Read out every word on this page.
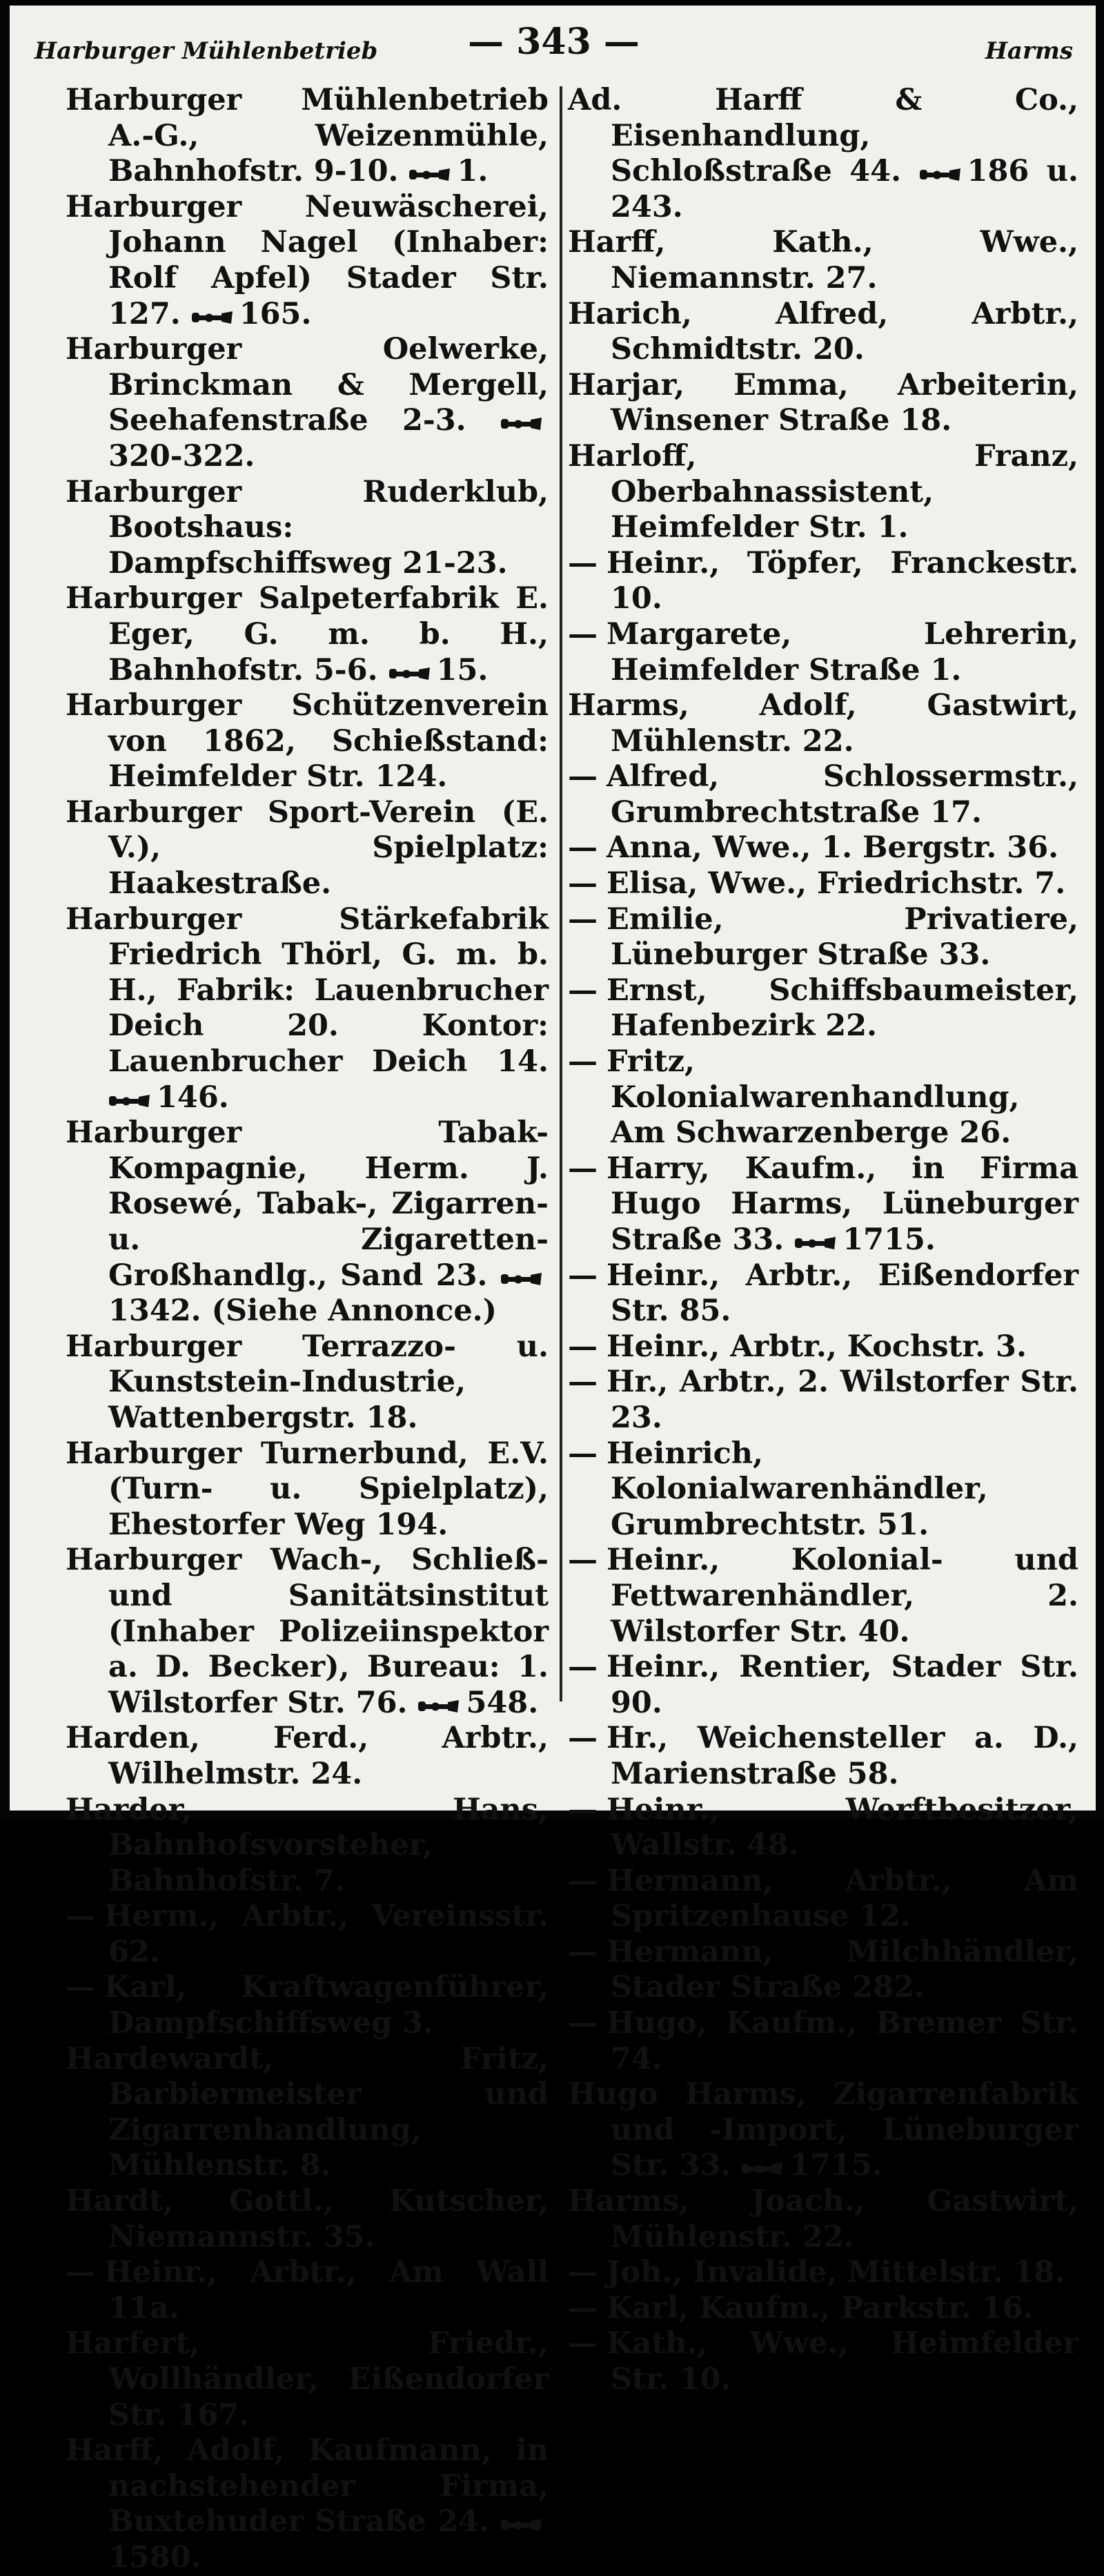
Harburger Mühlenbetrieb	— 343 —	Harms

Harburger Mühlenbetrieb A.-G., Weizenmühle, Bahnhofstr. 9-10. 1.

Harburger Neuwäscherei, Johann Nagel (Inhaber: Rolf Apfel) Stader Str. 127. 165.

Harburger Oelwerke, Brinckman & Mergell, Seehafenstraße 2-3.
320-322.

Harburger Ruderklub, Bootshaus: Dampfschiffsweg 21-23.

Harburger Salpeterfabrik E. Eger, G. m. b. H., Bahnhofstr. 5-6. 15.

Harburger Schützenverein von 1862, Schießstand: Heimfelder Str. 124.

Harburger Sport-Verein (E. V.), Spielplatz: Haakestraße.

Harburger Stärkefabrik Friedrich Thörl, G. m. b. H., Fabrik: Lauenbrucher Deich 20. Kontor: Lauenbrucher Deich 14.
146.

Harburger Tabak-Kompagnie, Herm. J. Rosewé, Tabak-, Zigarren- u. Zigaretten-Großhandlg., Sand 23.
1342. (Siehe Annonce.)

Harburger Terrazzo- u. Kunststein-Industrie, Wattenbergstr. 18.

Harburger Turnerbund, E.V. (Turn- u. Spielplatz), Ehestorfer Weg 194.

Harburger Wach-, Schließ- und Sanitätsinstitut (Inhaber Polizeiinspektor a. D. Becker), Bureau: 1. Wilstorfer Str. 76. 548.

Harden, Ferd., Arbtr., Wilhelmstr. 24.

Harder, Hans, Bahnhofsvorsteher, Bahnhofstr. 7.

— Herm., Arbtr., Vereinsstr. 62.

— Karl, Kraftwagenführer, Dampfschiffsweg 3.

Hardewardt, Fritz, Barbiermeister und Zigarrenhandlung, Mühlenstr. 8.

Hardt, Gottl., Kutscher, Niemannstr. 35.

— Heinr., Arbtr., Am Wall 11a.

Harfert, Friedr., Wollhändler, Eißendorfer Str. 167.

Harff, Adolf, Kaufmann, in nachstehender Firma, Buxtehuder Straße 24.
1580.

Ad. Harff & Co., Eisenhandlung, Schloßstraße 44. 186 u. 243.

Harff, Kath., Wwe., Niemannstr. 27.

Harich, Alfred, Arbtr., Schmidtstr. 20.

Harjar, Emma, Arbeiterin, Winsener Straße 18.

Harloff, Franz, Oberbahnassistent, Heimfelder Str. 1.

— Heinr., Töpfer, Franckestr. 10.

— Margarete, Lehrerin, Heimfelder Straße 1.

Harms, Adolf, Gastwirt, Mühlenstr. 22.

— Alfred, Schlossermstr., Grumbrechtstraße 17.

— Anna, Wwe., 1. Bergstr. 36.

— Elisa, Wwe., Friedrichstr. 7.

— Emilie, Privatiere, Lüneburger Straße 33.

— Ernst, Schiffsbaumeister, Hafenbezirk 22.

— Fritz, Kolonialwarenhandlung, Am Schwarzenberge 26.

— Harry, Kaufm., in Firma Hugo Harms, Lüneburger Straße 33. 1715.

— Heinr., Arbtr., Eißendorfer Str. 85.

— Heinr., Arbtr., Kochstr. 3.

— Hr., Arbtr., 2. Wilstorfer Str. 23.

— Heinrich, Kolonialwarenhändler, Grumbrechtstr. 51.

— Heinr., Kolonial- und Fettwarenhändler, 2. Wilstorfer Str. 40.

— Heinr., Rentier, Stader Str. 90.

— Hr., Weichensteller a. D., Marienstraße 58.

— Heinr., Werftbesitzer, Wallstr. 48.

— Hermann, Arbtr., Am Spritzenhause 12.

— Hermann, Milchhändler, Stader Straße 282.

— Hugo, Kaufm., Bremer Str. 74.

Hugo Harms, Zigarrenfabrik und -Import, Lüneburger Str. 33. 1715.

Harms, Joach., Gastwirt, Mühlenstr. 22.

— Joh., Invalide, Mittelstr. 18.

— Karl, Kaufm., Parkstr. 16.

— Kath., Wwe., Heimfelder Str. 10.
